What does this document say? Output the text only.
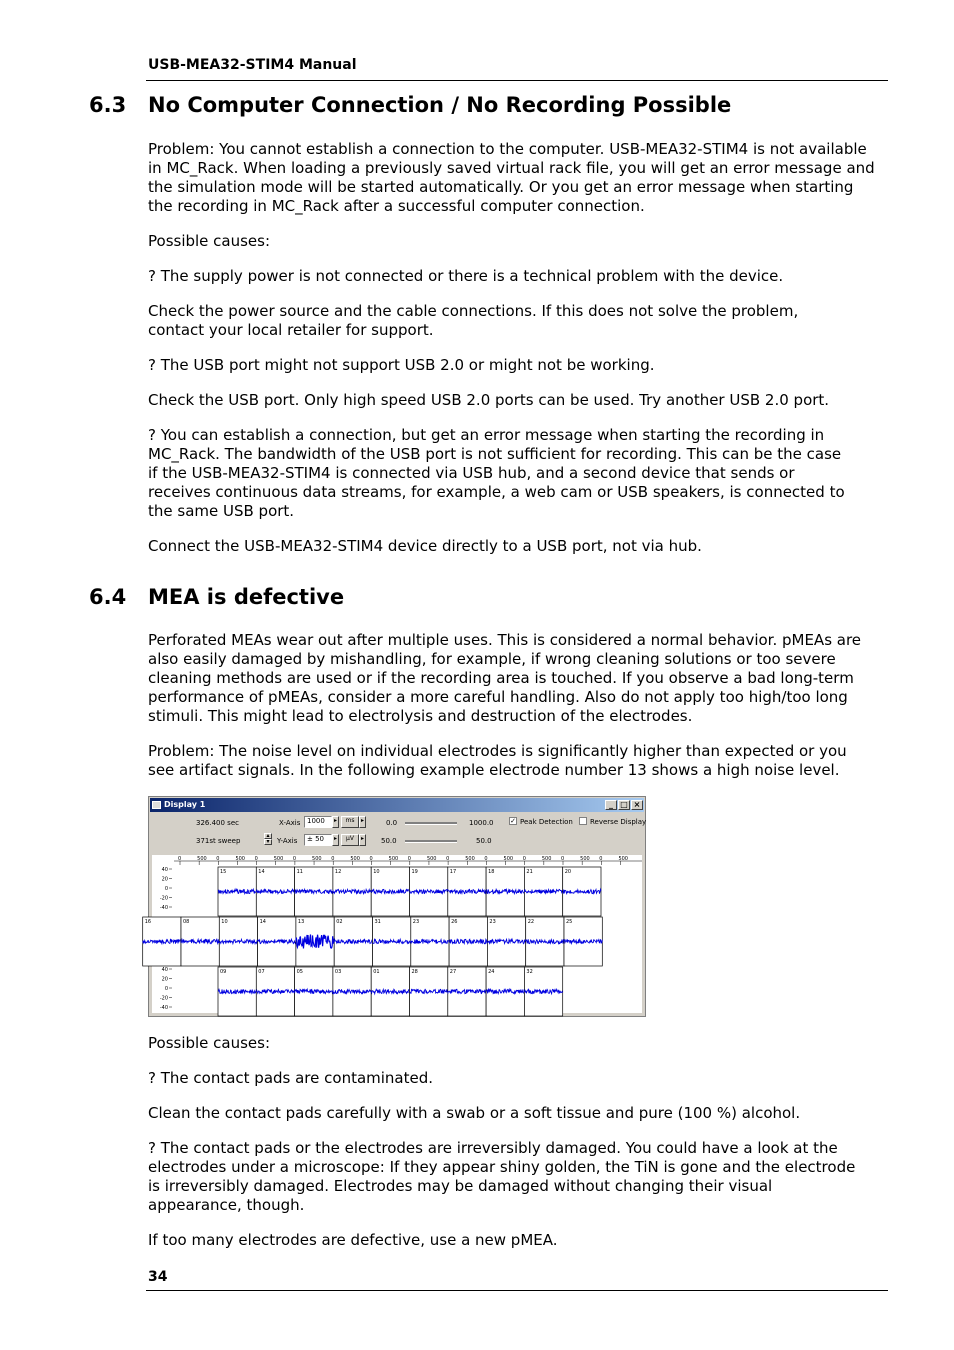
USB-MEA32-STIM4 Manual
6.3 No Computer Connection / No Recording Possible
Problem: You cannot establish a connection to the computer. USB-MEA32-STIM4 is not available in MC_Rack. When loading a previously saved virtual rack file, you will get an error message and the simulation mode will be started automatically. Or you get an error message when starting the recording in MC_Rack after a successful computer connection.
Possible causes:
? The supply power is not connected or there is a technical problem with the device.
Check the power source and the cable connections. If this does not solve the problem, contact your local retailer for support.
? The USB port might not support USB 2.0 or might not be working.
Check the USB port. Only high speed USB 2.0 ports can be used. Try another USB 2.0 port.
? You can establish a connection, but get an error message when starting the recording in MC_Rack. The bandwidth of the USB port is not sufficient for recording. This can be the case if the USB-MEA32-STIM4 is connected via USB hub, and a second device that sends or receives continuous data streams, for example, a web cam or USB speakers, is connected to the same USB port.
Connect the USB-MEA32-STIM4 device directly to a USB port, not via hub.
6.4 MEA is defective
Perforated MEAs wear out after multiple uses. This is considered a normal behavior. pMEAs are also easily damaged by mishandling, for example, if wrong cleaning solutions or too severe cleaning methods are used or if the recording area is touched. If you observe a bad long-term performance of pMEAs, consider a more careful handling. Also do not apply too high/too long stimuli. This might lead to electrolysis and destruction of the electrodes.
Problem: The noise level on individual electrodes is significantly higher than expected or you see artifact signals. In the following example electrode number 13 shows a high noise level.
Display 1	_ □ ×
326.400 sec
371st sweep
X-Axis 1000	▸	ms	▸	0.0	1000.0
▴
▾	Y-Axis	± 50	▸	µV	▸ 50.0	50.0
✓ Peak Detection Reverse Display
0	500 0	500 0	500 0	500 0	500 0	500 0	500 0	500 0	500 0	500 0	500 0	500
40
20
0
-20
-40
40
20
0
-20
-40
15	14	11	12	10	19	17	18	21	20
16	08	10	14	13	02	31	23	26	23	22	25
09	07	05	03	01	28	27	24	32
Possible causes:
? The contact pads are contaminated.
Clean the contact pads carefully with a swab or a soft tissue and pure (100 %) alcohol.
? The contact pads or the electrodes are irreversibly damaged. You could have a look at the electrodes under a microscope: If they appear shiny golden, the TiN is gone and the electrode is irreversibly damaged. Electrodes may be damaged without changing their visual appearance, though.
If too many electrodes are defective, use a new pMEA.
34
